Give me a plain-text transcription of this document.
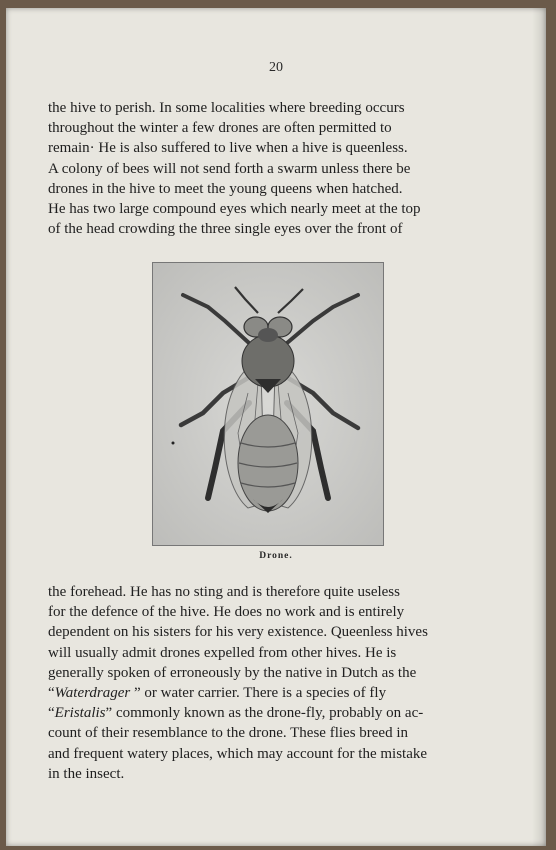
20
the hive to perish. In some localities where breeding occurs
throughout the winter a few drones are often permitted to
remain· He is also suffered to live when a hive is queenless.
A colony of bees will not send forth a swarm unless there be
drones in the hive to meet the young queens when hatched.
He has two large compound eyes which nearly meet at the top
of the head crowding the three single eyes over the front of
Drone.
the forehead. He has no sting and is therefore quite useless
for the defence of the hive. He does no work and is entirely
dependent on his sisters for his very existence. Queenless hives
will usually admit drones expelled from other hives. He is
generally spoken of erroneously by the native in Dutch as the
“Waterdrager ” or water carrier. There is a species of fly
“Eristalis” commonly known as the drone-fly, probably on ac-
count of their resemblance to the drone. These flies breed in
and frequent watery places, which may account for the mistake
in the insect.
